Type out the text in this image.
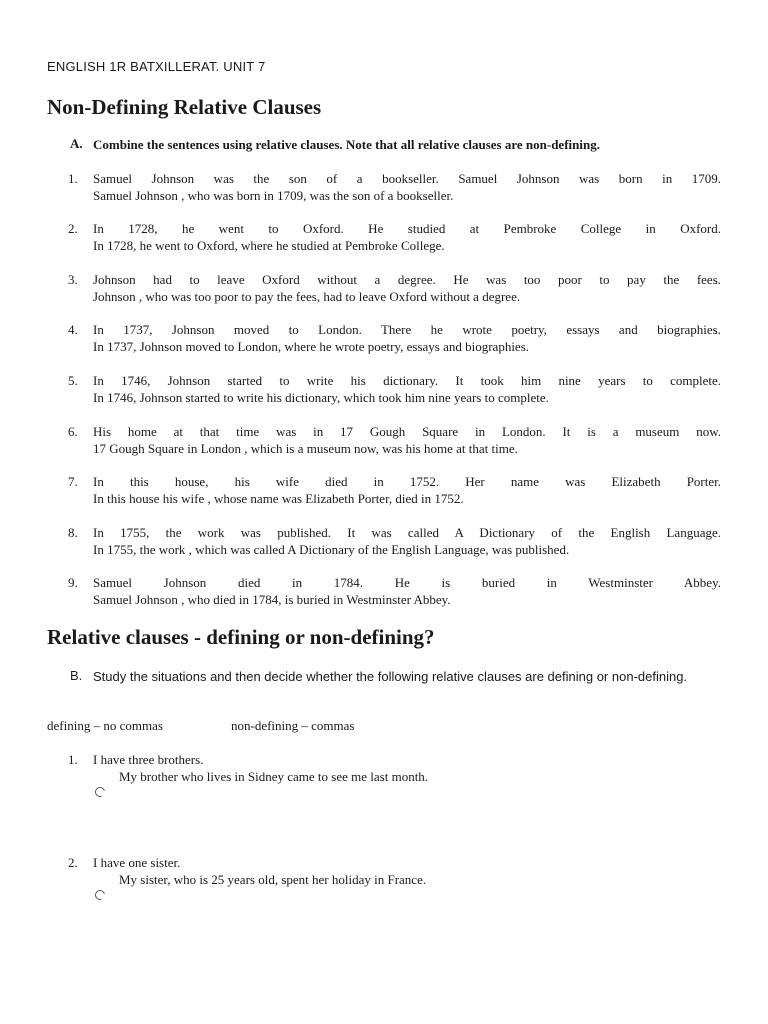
ENGLISH 1R BATXILLERAT. UNIT 7
Non-Defining Relative Clauses
A. Combine the sentences using relative clauses. Note that all relative clauses are non-defining.
1. Samuel Johnson was the son of a bookseller. Samuel Johnson was born in 1709.
Samuel Johnson , who was born in 1709, was the son of a bookseller.
2. In 1728, he went to Oxford. He studied at Pembroke College in Oxford.
In 1728, he went to Oxford, where he studied at Pembroke College.
3. Johnson had to leave Oxford without a degree. He was too poor to pay the fees.
Johnson , who was too poor to pay the fees, had to leave Oxford without a degree.
4. In 1737, Johnson moved to London. There he wrote poetry, essays and biographies.
In 1737, Johnson moved to London, where he wrote poetry, essays and biographies.
5. In 1746, Johnson started to write his dictionary. It took him nine years to complete.
In 1746, Johnson started to write his dictionary, which took him nine years to complete.
6. His home at that time was in 17 Gough Square in London. It is a museum now.
17 Gough Square in London , which is a museum now, was his home at that time.
7. In this house, his wife died in 1752. Her name was Elizabeth Porter.
In this house his wife , whose name was Elizabeth Porter, died in 1752.
8. In 1755, the work was published. It was called A Dictionary of the English Language.
In 1755, the work , which was called A Dictionary of the English Language, was published.
9. Samuel Johnson died in 1784. He is buried in Westminster Abbey.
Samuel Johnson , who died in 1784, is buried in Westminster Abbey.
Relative clauses - defining or non-defining?
B. Study the situations and then decide whether the following relative clauses are defining or non-defining.
defining – no commas	non-defining – commas
1. I have three brothers.
My brother who lives in Sidney came to see me last month.
2. I have one sister.
My sister, who is 25 years old, spent her holiday in France.
